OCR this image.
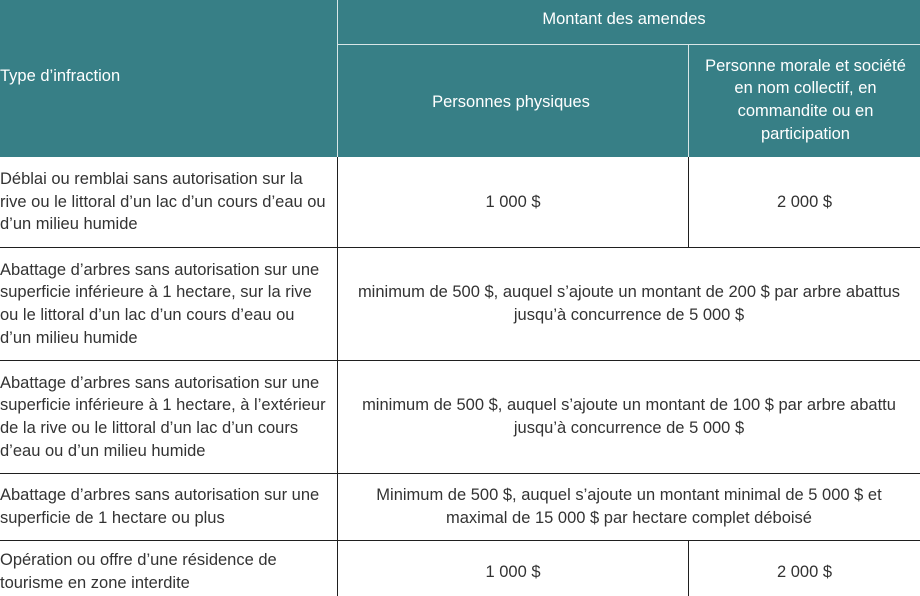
Type d’infraction
Montant des amendes
Personnes physiques
Personne morale et société en nom collectif, en commandite ou en participation
Déblai ou remblai sans autorisation sur la rive ou le littoral d’un lac d’un cours d’eau ou d’un milieu humide
1 000 $	2 000 $
Abattage d’arbres sans autorisation sur une superficie inférieure à 1 hectare, sur la rive ou le littoral d’un lac d’un cours d’eau ou d’un milieu humide
minimum de 500 $, auquel s’ajoute un montant de 200 $ par arbre abattus jusqu’à concurrence de 5 000 $
Abattage d’arbres sans autorisation sur une superficie inférieure à 1 hectare, à l’extérieur de la rive ou le littoral d’un lac d’un cours d’eau ou d’un milieu humide
minimum de 500 $, auquel s’ajoute un montant de 100 $ par arbre abattu jusqu’à concurrence de 5 000 $
Abattage d’arbres sans autorisation sur une superficie de 1 hectare ou plus
Minimum de 500 $, auquel s’ajoute un montant minimal de 5 000 $ et maximal de 15 000 $ par hectare complet déboisé
Opération ou offre d’une résidence de tourisme en zone interdite
1 000 $	2 000 $
